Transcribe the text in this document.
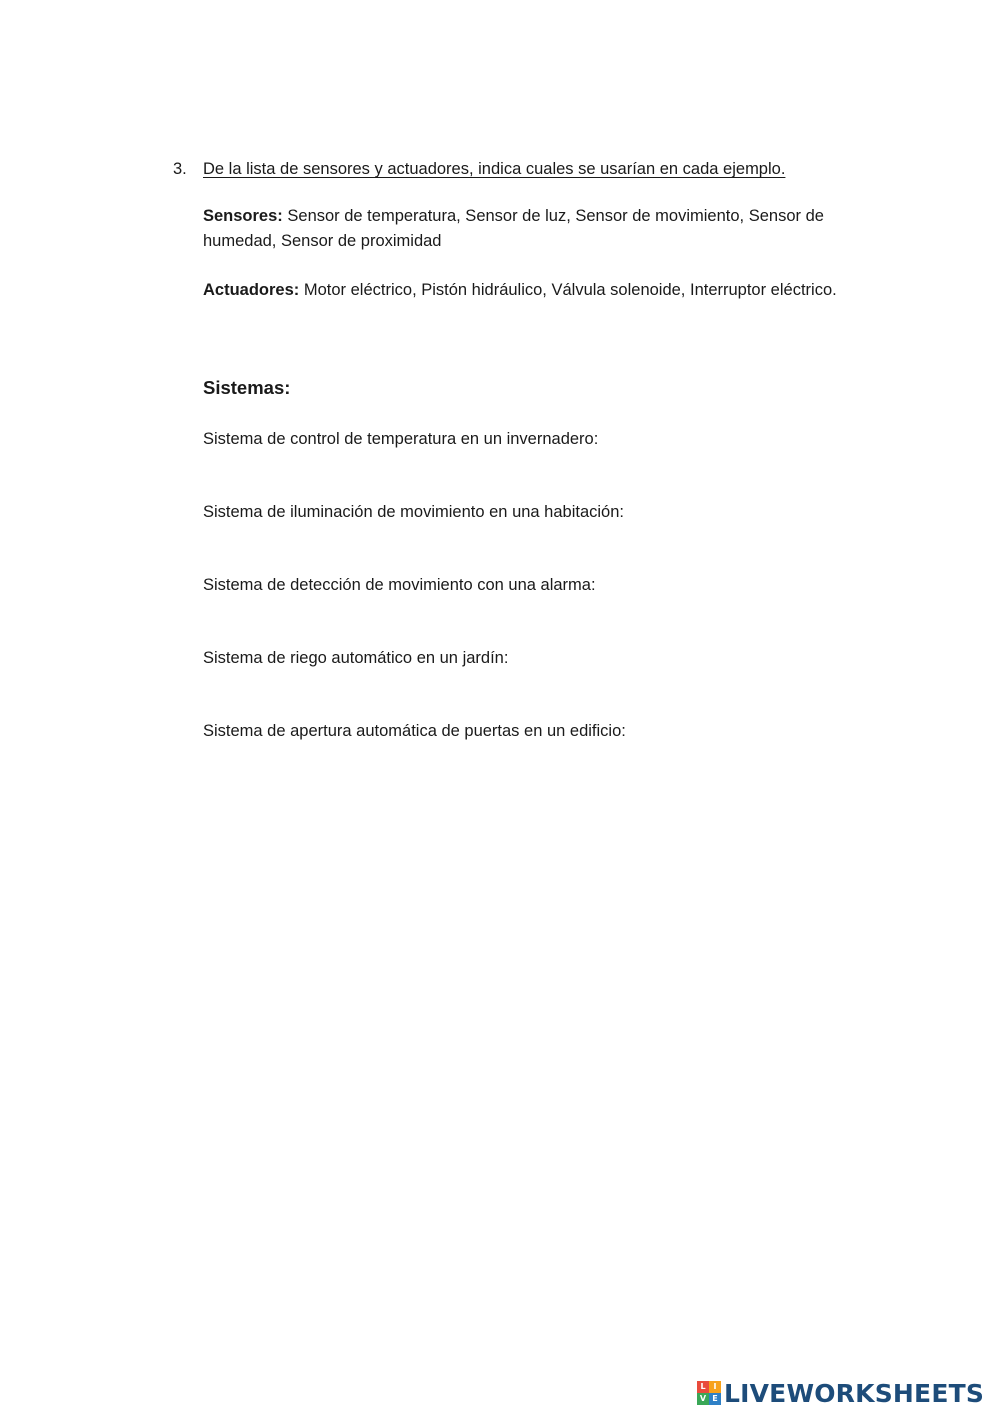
3. De la lista de sensores y actuadores, indica cuales se usarían en cada ejemplo.
Sensores: Sensor de temperatura, Sensor de luz, Sensor de movimiento, Sensor de humedad, Sensor de proximidad
Actuadores: Motor eléctrico, Pistón hidráulico, Válvula solenoide, Interruptor eléctrico.
Sistemas:
Sistema de control de temperatura en un invernadero:
Sistema de iluminación de movimiento en una habitación:
Sistema de detección de movimiento con una alarma:
Sistema de riego automático en un jardín:
Sistema de apertura automática de puertas en un edificio:
L I
V E LIVEWORKSHEETS
